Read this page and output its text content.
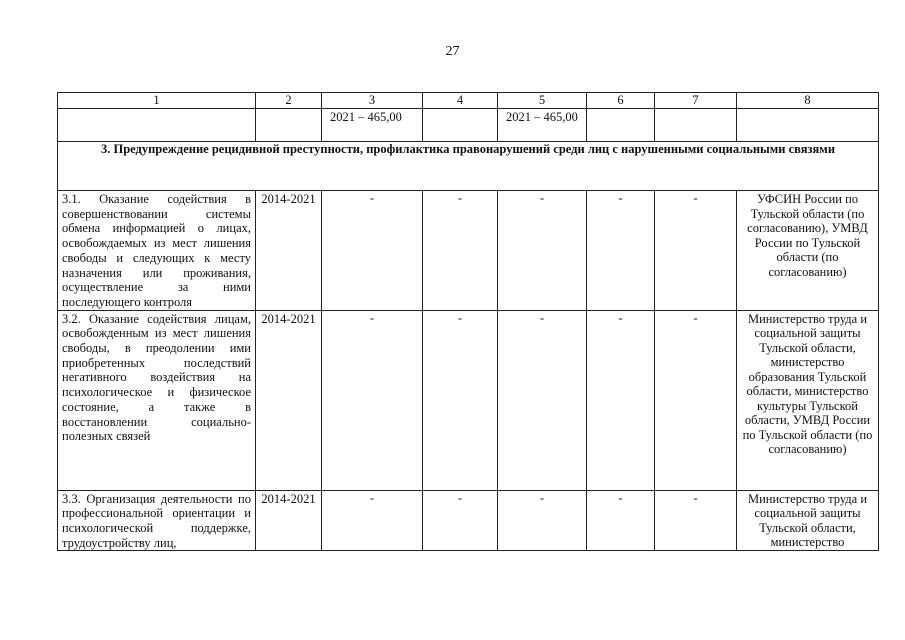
27
1	2	3	4	5	6	7	8
		2021 – 465,00		2021 – 465,00			
3. Предупреждение рецидивной преступности, профилактика правонарушений среди лиц с нарушенными социальными связями							
3.1. Оказание содействия в совершенствовании системы обмена информацией о лицах, освобождаемых из мест лишения свободы и следующих к месту назначения или проживания, осуществление за ними последующего контроля	2014-2021	-	-	-	-	-	УФСИН России по Тульской области (по согласованию), УМВД России по Тульской области (по согласованию)
3.2. Оказание содействия лицам, освобожденным из мест лишения свободы, в преодолении ими приобретенных последствий негативного воздействия на психологическое и физическое состояние, а также в восстановлении социально-полезных связей	2014-2021	-	-	-	-	-	Министерство труда и социальной защиты Тульской области, министерство образования Тульской области, министерство культуры Тульской области, УМВД России по Тульской области (по согласованию)
3.3. Организация деятельности по профессиональной ориентации и психологической поддержке, трудоустройству лиц,	2014-2021	-	-	-	-	-	Министерство труда и социальной защиты Тульской области, министерство
